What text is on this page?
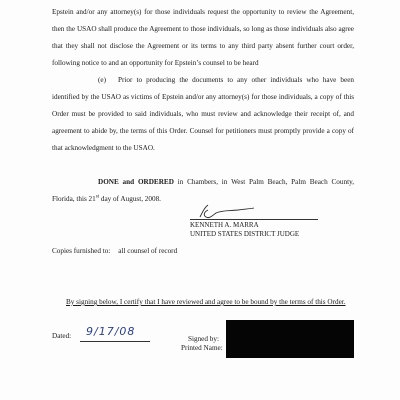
Epstein and/or any attorney(s) for those individuals request the opportunity to review the Agreement, then the USAO shall produce the Agreement to those individuals, so long as those individuals also agree that they shall not disclose the Agreement or its terms to any third party absent further court order, following notice to and an opportunity for Epstein’s counsel to be heard
(e) Prior to producing the documents to any other individuals who have been identified by the USAO as victims of Epstein and/or any attorney(s) for those individuals, a copy of this Order must be provided to said individuals, who must review and acknowledge their receipt of, and agreement to abide by, the terms of this Order. Counsel for petitioners must promptly provide a copy of that acknowledgment to the USAO.
DONE and ORDERED in Chambers, in West Palm Beach, Palm Beach County, Florida, this 21st day of August, 2008.
KENNETH A. MARRA
UNITED STATES DISTRICT JUDGE
Copies furnished to: all counsel of record
By signing below, I certify that I have reviewed and agree to be bound by the terms of this Order.
Dated: 9/17/08
Signed by:
Printed Name:
